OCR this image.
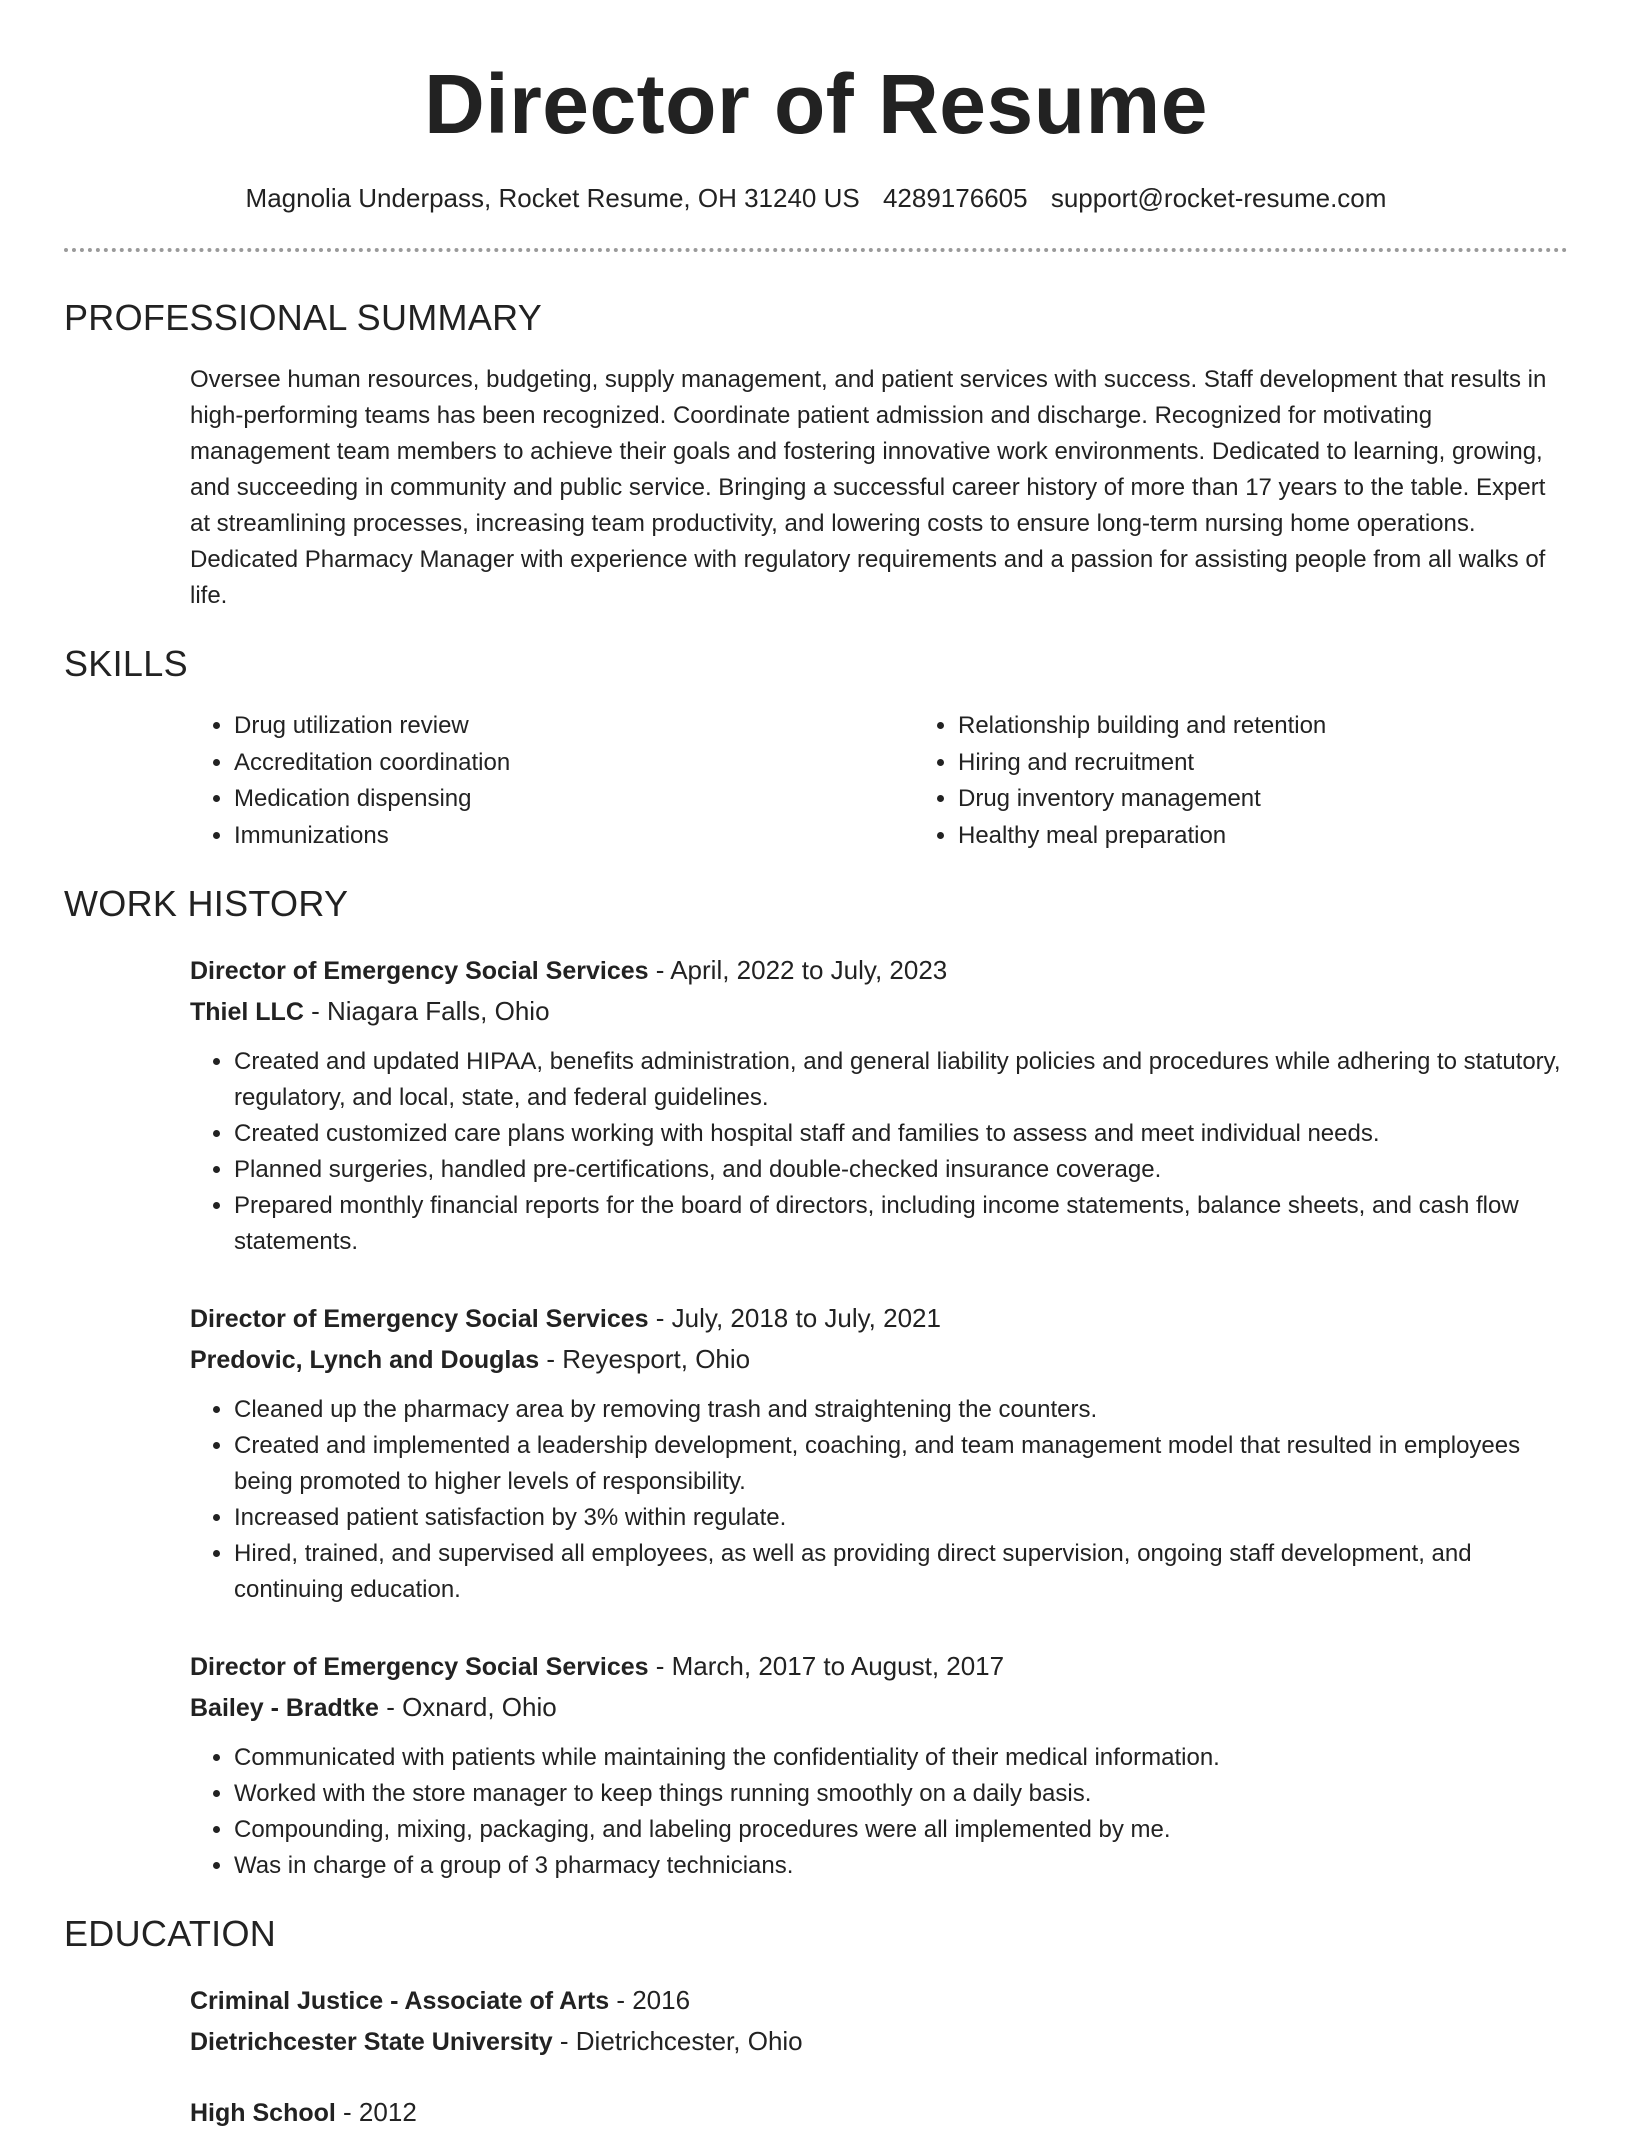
Director of Resume
Magnolia Underpass, Rocket Resume, OH 31240 US 4289176605 support@rocket-resume.com
PROFESSIONAL SUMMARY

Oversee human resources, budgeting, supply management, and patient services with success. Staff development that results in high-performing teams has been recognized. Coordinate patient admission and discharge. Recognized for motivating management team members to achieve their goals and fostering innovative work environments. Dedicated to learning, growing, and succeeding in community and public service. Bringing a successful career history of more than 17 years to the table. Expert at streamlining processes, increasing team productivity, and lowering costs to ensure long-term nursing home operations. Dedicated Pharmacy Manager with experience with regulatory requirements and a passion for assisting people from all walks of life.

SKILLS
• Drug utilization review
• Accreditation coordination
• Medication dispensing
• Immunizations
• Relationship building and retention
• Hiring and recruitment
• Drug inventory management
• Healthy meal preparation
WORK HISTORY
Director of Emergency Social Services - April, 2022 to July, 2023
Thiel LLC - Niagara Falls, Ohio
• Created and updated HIPAA, benefits administration, and general liability policies and procedures while adhering to statutory, regulatory, and local, state, and federal guidelines.
• Created customized care plans working with hospital staff and families to assess and meet individual needs.
• Planned surgeries, handled pre-certifications, and double-checked insurance coverage.
• Prepared monthly financial reports for the board of directors, including income statements, balance sheets, and cash flow statements.
Director of Emergency Social Services - July, 2018 to July, 2021
Predovic, Lynch and Douglas - Reyesport, Ohio
• Cleaned up the pharmacy area by removing trash and straightening the counters.
• Created and implemented a leadership development, coaching, and team management model that resulted in employees being promoted to higher levels of responsibility.
• Increased patient satisfaction by 3% within regulate.
• Hired, trained, and supervised all employees, as well as providing direct supervision, ongoing staff development, and continuing education.
Director of Emergency Social Services - March, 2017 to August, 2017
Bailey - Bradtke - Oxnard, Ohio
• Communicated with patients while maintaining the confidentiality of their medical information.
• Worked with the store manager to keep things running smoothly on a daily basis.
• Compounding, mixing, packaging, and labeling procedures were all implemented by me.
• Was in charge of a group of 3 pharmacy technicians.
EDUCATION
Criminal Justice - Associate of Arts - 2016
Dietrichcester State University - Dietrichcester, Ohio
High School - 2012
